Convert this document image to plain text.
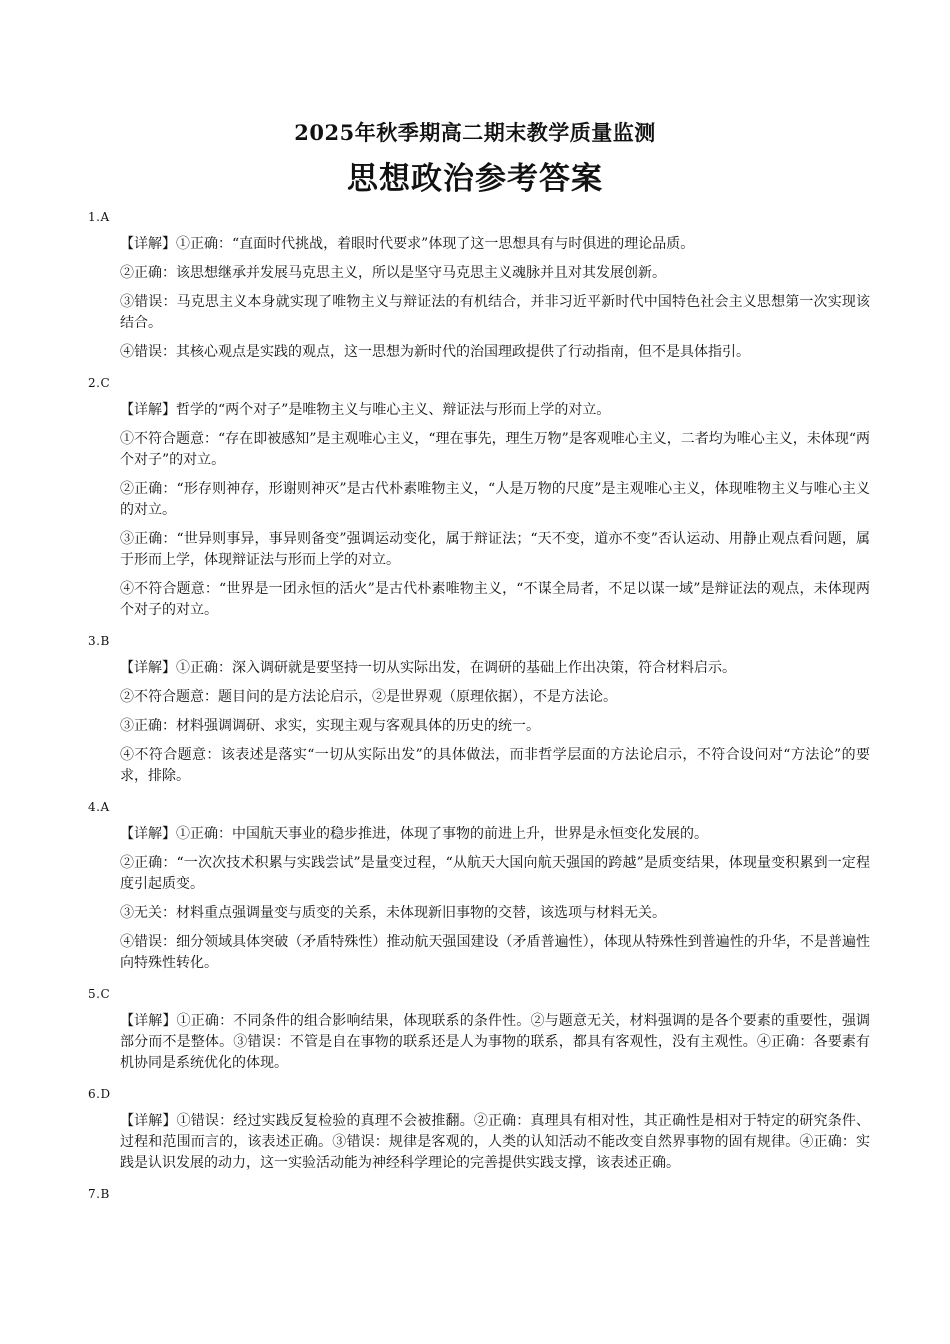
2025年秋季期高二期末教学质量监测
思想政治参考答案
1.A
【详解】①正确：“直面时代挑战，着眼时代要求”体现了这一思想具有与时俱进的理论品质。
②正确：该思想继承并发展马克思主义，所以是坚守马克思主义魂脉并且对其发展创新。
③错误：马克思主义本身就实现了唯物主义与辩证法的有机结合，并非习近平新时代中国特色社会主义思想第一次实现该结合。
④错误：其核心观点是实践的观点，这一思想为新时代的治国理政提供了行动指南，但不是具体指引。
2.C
【详解】哲学的“两个对子”是唯物主义与唯心主义、辩证法与形而上学的对立。
①不符合题意：“存在即被感知”是主观唯心主义，“理在事先，理生万物”是客观唯心主义，二者均为唯心主义，未体现“两个对子”的对立。
②正确：“形存则神存，形谢则神灭”是古代朴素唯物主义，“人是万物的尺度”是主观唯心主义，体现唯物主义与唯心主义的对立。
③正确：“世异则事异，事异则备变”强调运动变化，属于辩证法；“天不变，道亦不变”否认运动、用静止观点看问题，属于形而上学，体现辩证法与形而上学的对立。
④不符合题意：“世界是一团永恒的活火”是古代朴素唯物主义，“不谋全局者，不足以谋一域”是辩证法的观点，未体现两个对子的对立。
3.B
【详解】①正确：深入调研就是要坚持一切从实际出发，在调研的基础上作出决策，符合材料启示。
②不符合题意：题目问的是方法论启示，②是世界观（原理依据），不是方法论。
③正确：材料强调调研、求实，实现主观与客观具体的历史的统一。
④不符合题意：该表述是落实“一切从实际出发”的具体做法，而非哲学层面的方法论启示，不符合设问对“方法论”的要求，排除。
4.A
【详解】①正确：中国航天事业的稳步推进，体现了事物的前进上升，世界是永恒变化发展的。
②正确：“一次次技术积累与实践尝试”是量变过程，“从航天大国向航天强国的跨越”是质变结果，体现量变积累到一定程度引起质变。
③无关：材料重点强调量变与质变的关系，未体现新旧事物的交替，该选项与材料无关。
④错误：细分领域具体突破（矛盾特殊性）推动航天强国建设（矛盾普遍性），体现从特殊性到普遍性的升华，不是普遍性向特殊性转化。
5.C
【详解】①正确：不同条件的组合影响结果，体现联系的条件性。②与题意无关，材料强调的是各个要素的重要性，强调部分而不是整体。③错误：不管是自在事物的联系还是人为事物的联系，都具有客观性，没有主观性。④正确：各要素有机协同是系统优化的体现。
6.D
【详解】①错误：经过实践反复检验的真理不会被推翻。②正确：真理具有相对性，其正确性是相对于特定的研究条件、过程和范围而言的，该表述正确。③错误：规律是客观的，人类的认知活动不能改变自然界事物的固有规律。④正确：实践是认识发展的动力，这一实验活动能为神经科学理论的完善提供实践支撑，该表述正确。
7.B
